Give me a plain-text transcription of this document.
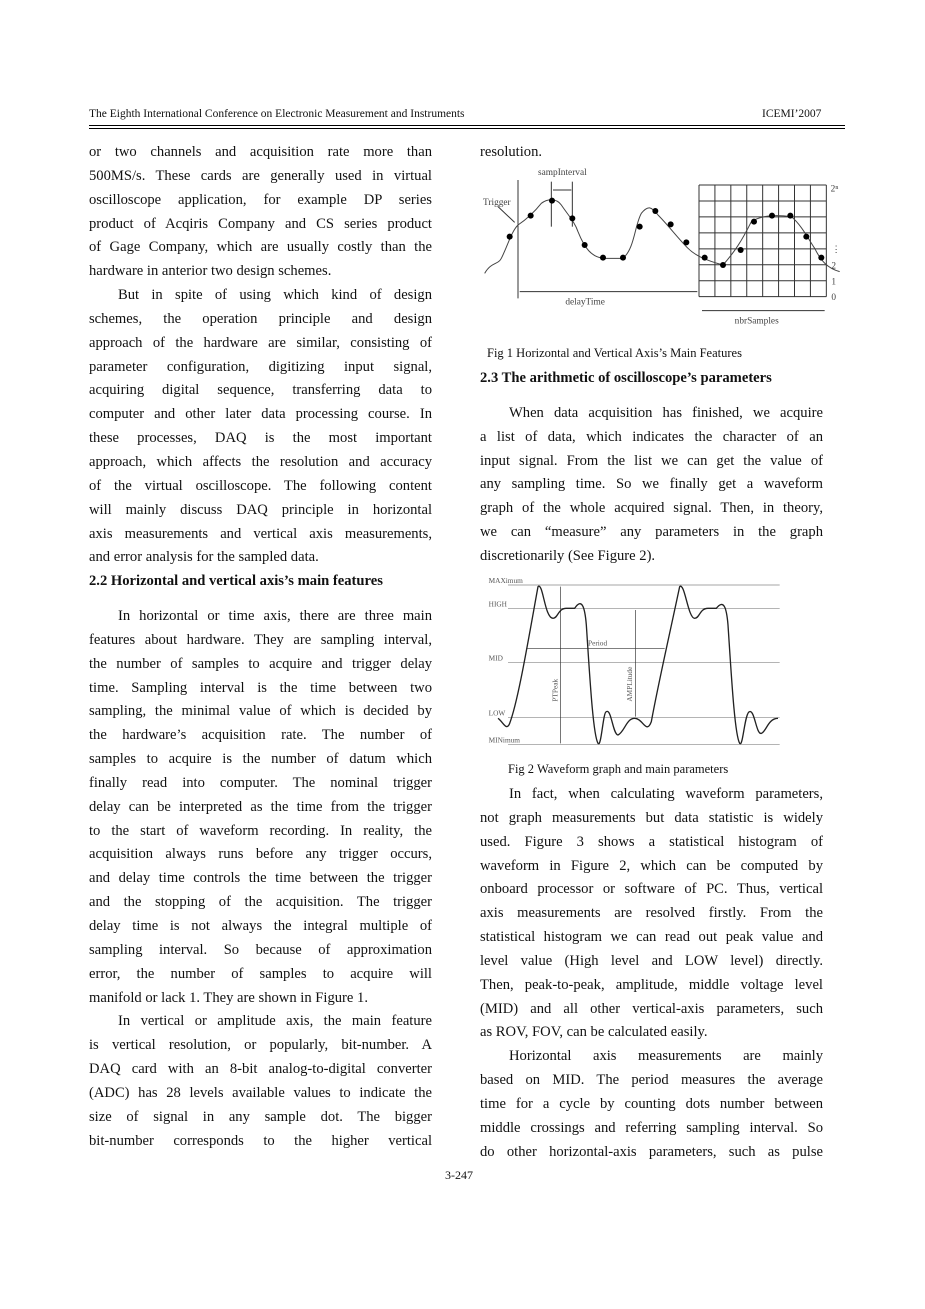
The Eighth International Conference on Electronic Measurement and Instruments	ICEMI’2007
or two channels and acquisition rate more than
500MS/s. These cards are generally used in virtual
oscilloscope application, for example DP series
product of Acqiris Company and CS series product
of Gage Company, which are usually costly than the
hardware in anterior two design schemes.
But in spite of using which kind of design
schemes, the operation principle and design
approach of the hardware are similar, consisting of
parameter configuration, digitizing input signal,
acquiring digital sequence, transferring data to
computer and other later data processing course. In
these processes, DAQ is the most important
approach, which affects the resolution and accuracy
of the virtual oscilloscope. The following content
will mainly discuss DAQ principle in horizontal
axis measurements and vertical axis measurements,
and error analysis for the sampled data.
2.2 Horizontal and vertical axis’s main features
In horizontal or time axis, there are three main
features about hardware. They are sampling interval,
the number of samples to acquire and trigger delay
time. Sampling interval is the time between two
sampling, the minimal value of which is decided by
the hardware’s acquisition rate. The number of
samples to acquire is the number of datum which
finally read into computer. The nominal trigger
delay can be interpreted as the time from the trigger
to the start of waveform recording. In reality, the
acquisition always runs before any trigger occurs,
and delay time controls the time between the trigger
and the stopping of the acquisition. The trigger
delay time is not always the integral multiple of
sampling interval. So because of approximation
error, the number of samples to acquire will
manifold or lack 1. They are shown in Figure 1.
In vertical or amplitude axis, the main feature
is vertical resolution, or popularly, bit-number. A
DAQ card with an 8-bit analog-to-digital converter
(ADC) has 28 levels available values to indicate the
size of signal in any sample dot. The bigger
bit-number corresponds to the higher vertical
resolution.
Trigger
sampInterval
delayTime
nbrSamples
2ⁿ
⋮
2
1
0
Fig 1 Horizontal and Vertical Axis’s Main Features
2.3 The arithmetic of oscilloscope’s parameters
When data acquisition has finished, we acquire
a list of data, which indicates the character of an
input signal. From the list we can get the value of
any sampling time. So we finally get a waveform
graph of the whole acquired signal. Then, in theory,
we can “measure” any parameters in the graph
discretionarily (See Figure 2).
MAXimum
HIGH
MID
LOW
MINimum
Period
PTPeak	AMPLitude
Fig 2 Waveform graph and main parameters
In fact, when calculating waveform parameters,
not graph measurements but data statistic is widely
used. Figure 3 shows a statistical histogram of
waveform in Figure 2, which can be computed by
onboard processor or software of PC. Thus, vertical
axis measurements are resolved firstly. From the
statistical histogram we can read out peak value and
level value (High level and LOW level) directly.
Then, peak-to-peak, amplitude, middle voltage level
(MID) and all other vertical-axis parameters, such
as ROV, FOV, can be calculated easily.
Horizontal axis measurements are mainly
based on MID. The period measures the average
time for a cycle by counting dots number between
middle crossings and referring sampling interval. So
do other horizontal-axis parameters, such as pulse
3-247
